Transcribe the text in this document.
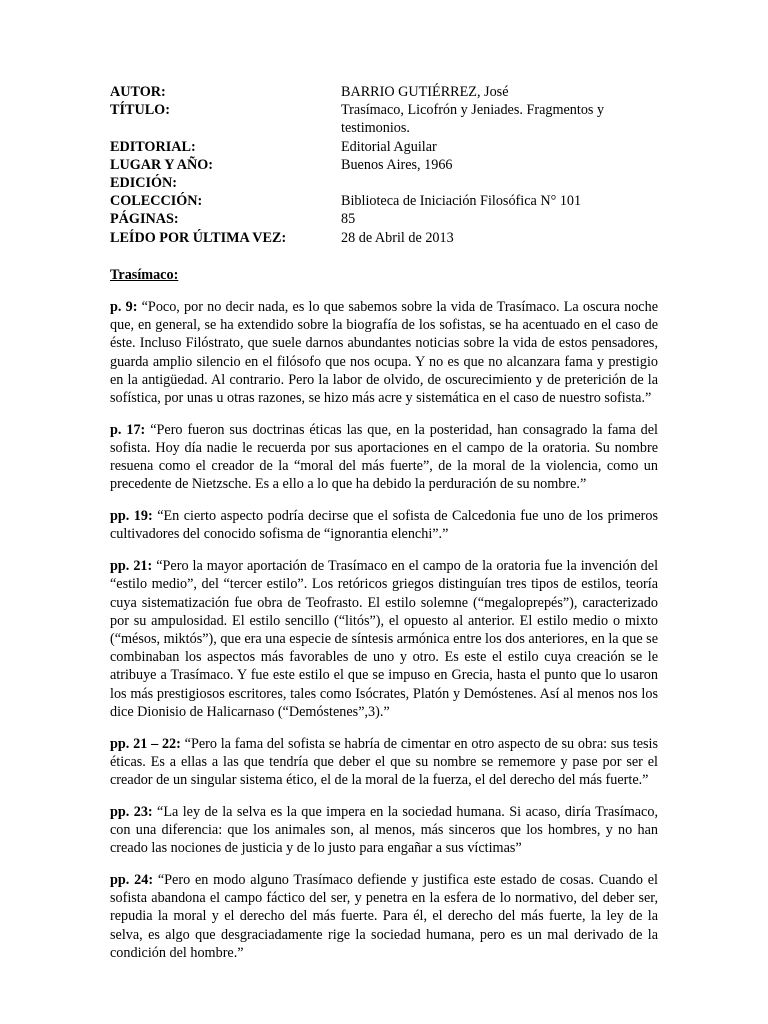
AUTOR:	BARRIO GUTIÉRREZ, José
TÍTULO:	Trasímaco, Licofrón y Jeniades. Fragmentos y testimonios.
EDITORIAL:	Editorial Aguilar
LUGAR Y AÑO:	Buenos Aires, 1966
EDICIÓN:
COLECCIÓN:	Biblioteca de Iniciación Filosófica N° 101
PÁGINAS:	85
LEÍDO POR ÚLTIMA VEZ:	28 de Abril de 2013
Trasímaco:

p. 9: “Poco, por no decir nada, es lo que sabemos sobre la vida de Trasímaco. La oscura noche que, en general, se ha extendido sobre la biografía de los sofistas, se ha acentuado en el caso de éste. Incluso Filóstrato, que suele darnos abundantes noticias sobre la vida de estos pensadores, guarda amplio silencio en el filósofo que nos ocupa. Y no es que no alcanzara fama y prestigio en la antigüedad. Al contrario. Pero la labor de olvido, de oscurecimiento y de preterición de la sofística, por unas u otras razones, se hizo más acre y sistemática en el caso de nuestro sofista.”

p. 17: “Pero fueron sus doctrinas éticas las que, en la posteridad, han consagrado la fama del sofista. Hoy día nadie le recuerda por sus aportaciones en el campo de la oratoria. Su nombre resuena como el creador de la “moral del más fuerte”, de la moral de la violencia, como un precedente de Nietzsche. Es a ello a lo que ha debido la perduración de su nombre.”

pp. 19: “En cierto aspecto podría decirse que el sofista de Calcedonia fue uno de los primeros cultivadores del conocido sofisma de “ignorantia elenchi”.”

pp. 21: “Pero la mayor aportación de Trasímaco en el campo de la oratoria fue la invención del “estilo medio”, del “tercer estilo”. Los retóricos griegos distinguían tres tipos de estilos, teoría cuya sistematización fue obra de Teofrasto. El estilo solemne (“megaloprepés”), caracterizado por su ampulosidad. El estilo sencillo (“litós”), el opuesto al anterior. El estilo medio o mixto (“mésos, miktós”), que era una especie de síntesis armónica entre los dos anteriores, en la que se combinaban los aspectos más favorables de uno y otro. Es este el estilo cuya creación se le atribuye a Trasímaco. Y fue este estilo el que se impuso en Grecia, hasta el punto que lo usaron los más prestigiosos escritores, tales como Isócrates, Platón y Demóstenes. Así al menos nos los dice Dionisio de Halicarnaso (“Demóstenes”,3).”

pp. 21 – 22: “Pero la fama del sofista se habría de cimentar en otro aspecto de su obra: sus tesis éticas. Es a ellas a las que tendría que deber el que su nombre se rememore y pase por ser el creador de un singular sistema ético, el de la moral de la fuerza, el del derecho del más fuerte.”

pp. 23: “La ley de la selva es la que impera en la sociedad humana. Si acaso, diría Trasímaco, con una diferencia: que los animales son, al menos, más sinceros que los hombres, y no han creado las nociones de justicia y de lo justo para engañar a sus víctimas”

pp. 24: “Pero en modo alguno Trasímaco defiende y justifica este estado de cosas. Cuando el sofista abandona el campo fáctico del ser, y penetra en la esfera de lo normativo, del deber ser, repudia la moral y el derecho del más fuerte. Para él, el derecho del más fuerte, la ley de la selva, es algo que desgraciadamente rige la sociedad humana, pero es un mal derivado de la condición del hombre.”
